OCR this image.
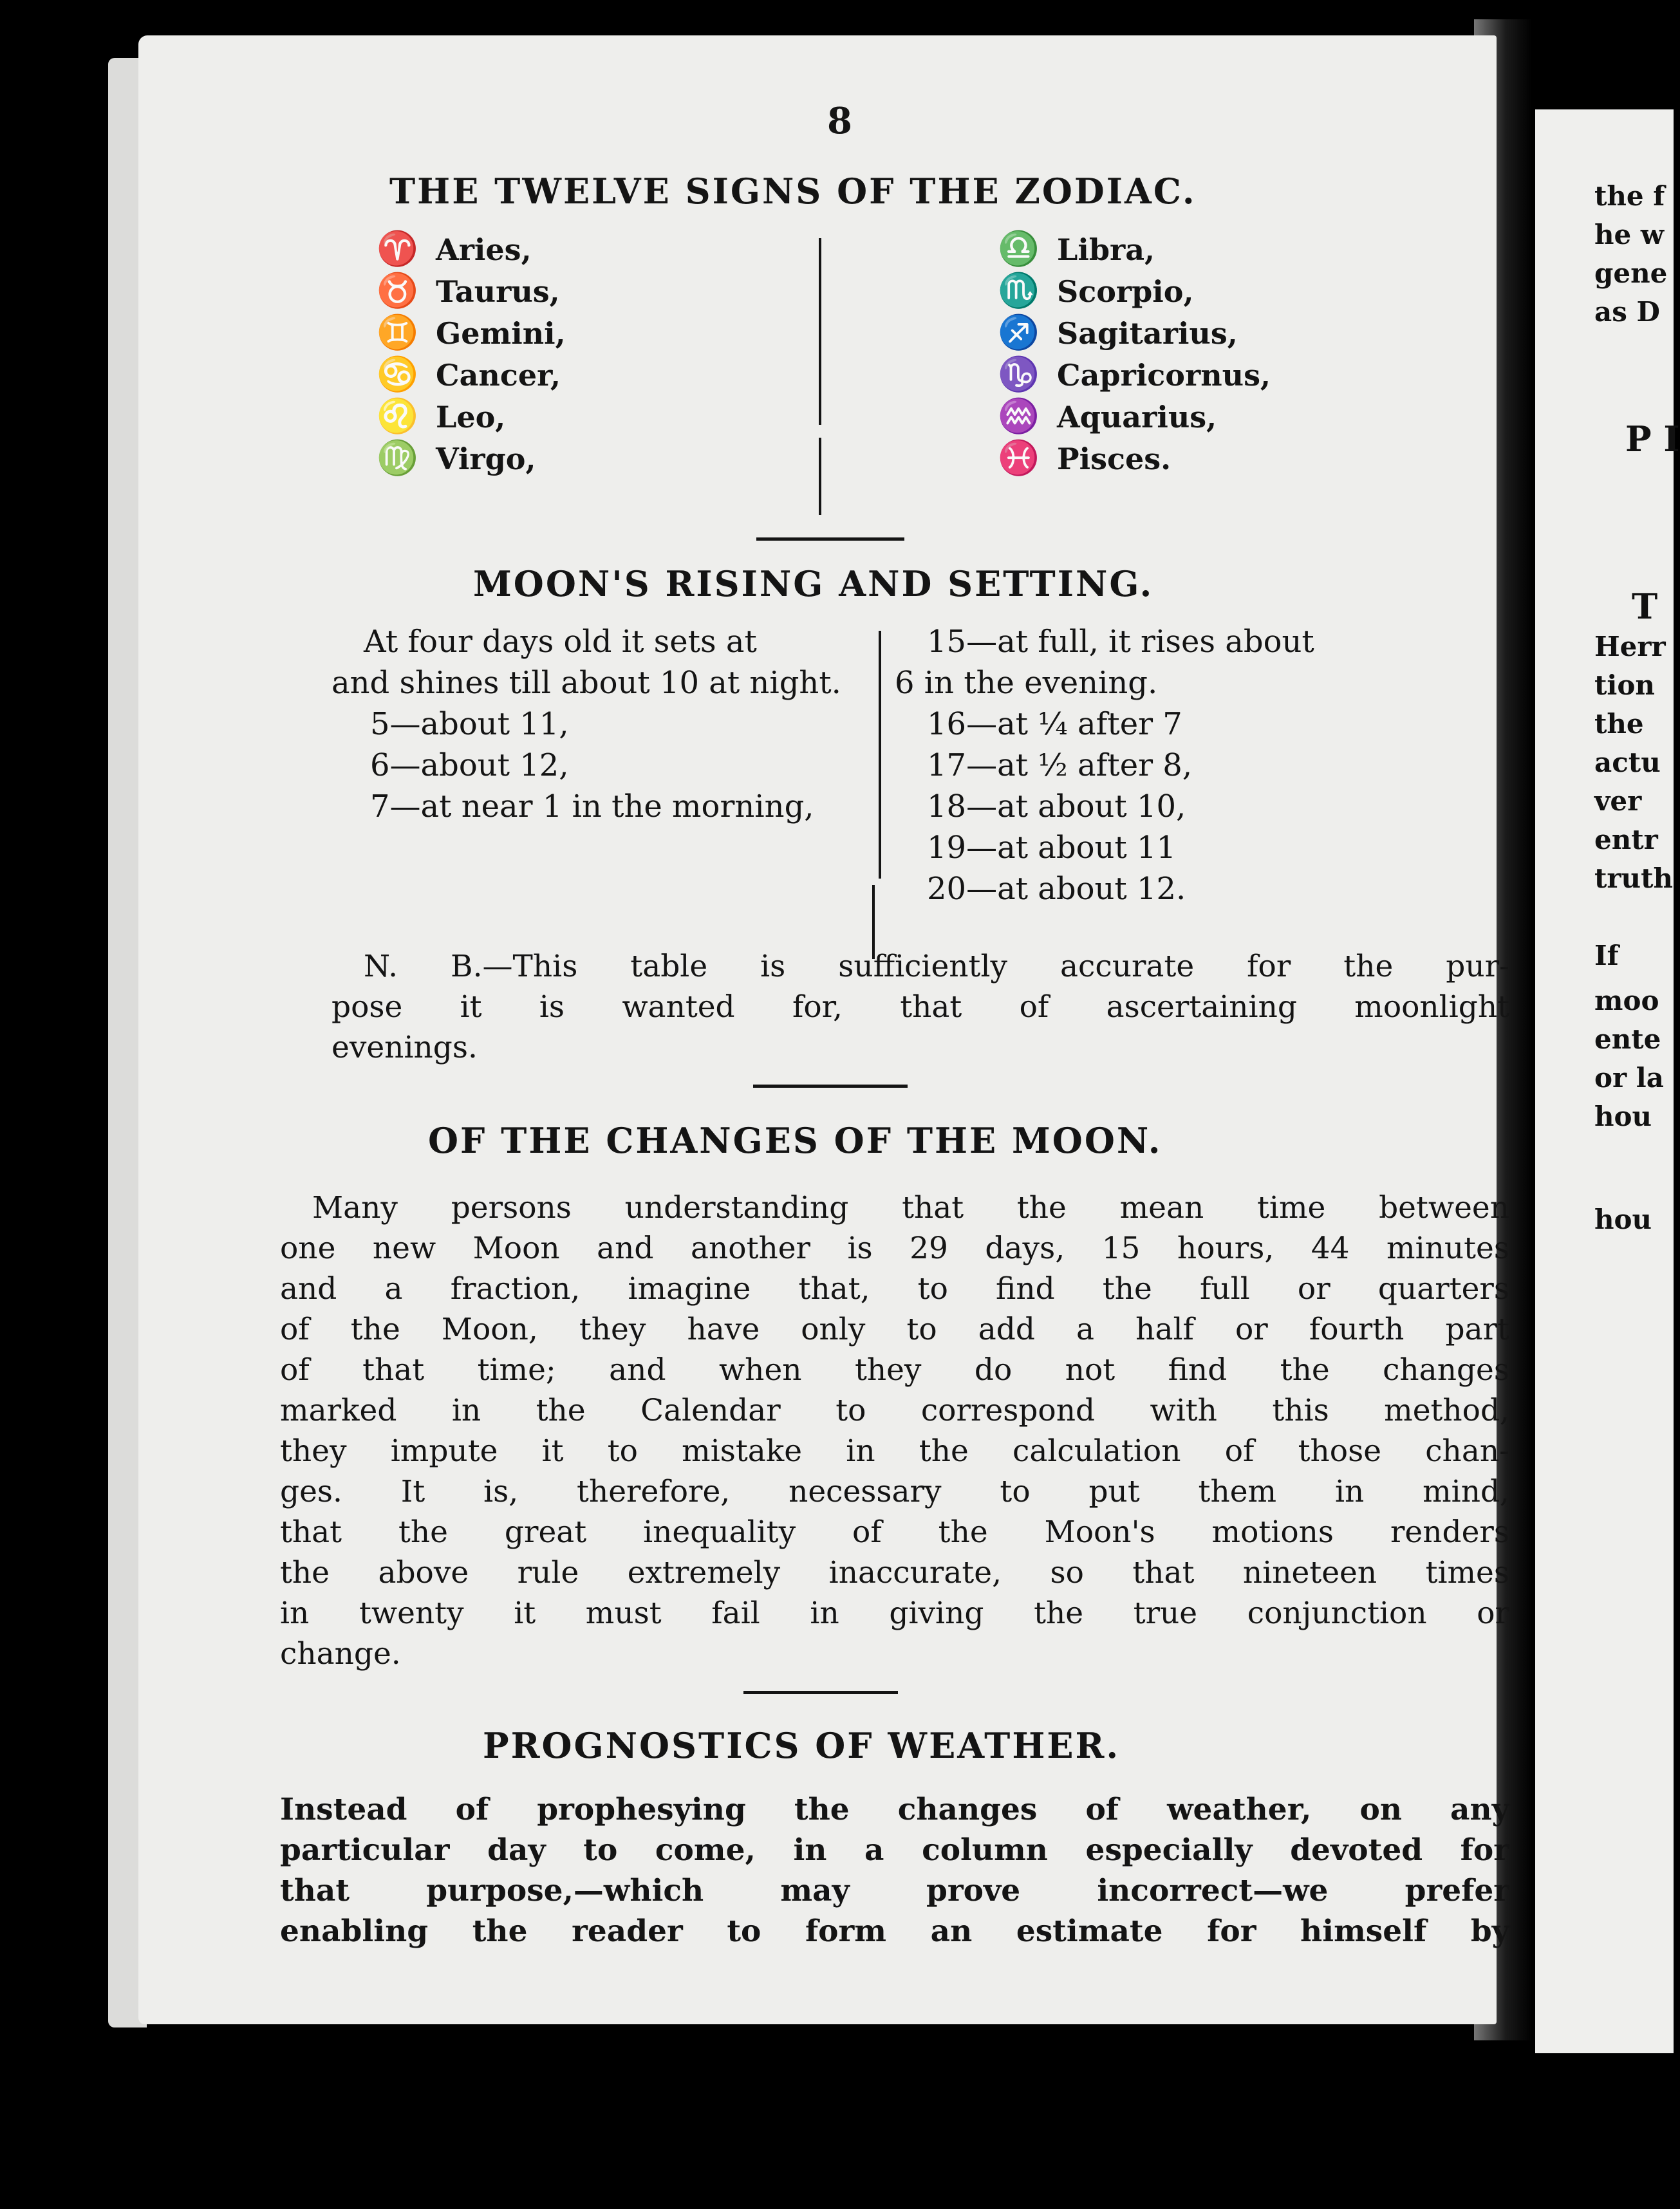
8
THE TWELVE SIGNS OF THE ZODIAC.
♈ Aries,
♉ Taurus,
♊ Gemini,
♋ Cancer,
♌ Leo,
♍ Virgo,
♎ Libra,
♏ Scorpio,
♐ Sagitarius,
♑ Capricornus,
♒ Aquarius,
♓ Pisces.
MOON'S RISING AND SETTING.
At four days old it sets at
and shines till about 10 at night.
5—about 11,
6—about 12,
7—at near 1 in the morning,
15—at full, it rises about
6 in the evening.
16—at ¼ after 7
17—at ½ after 8,
18—at about 10,
19—at about 11
20—at about 12.
N. B.—This table is sufficiently accurate for the pur-
pose it is wanted for, that of ascertaining moonlight
evenings.
OF THE CHANGES OF THE MOON.
Many persons understanding that the mean time between
one new Moon and another is 29 days, 15 hours, 44 minutes
and a fraction, imagine that, to find the full or quarters
of the Moon, they have only to add a half or fourth part
of that time; and when they do not find the changes
marked in the Calendar to correspond with this method,
they impute it to mistake in the calculation of those chan-
ges. It is, therefore, necessary to put them in mind,
that the great inequality of the Moon's motions renders
the above rule extremely inaccurate, so that nineteen times
in twenty it must fail in giving the true conjunction or
change.
PROGNOSTICS OF WEATHER.
Instead of prophesying the changes of weather, on any
particular day to come, in a column especially devoted for
that purpose,—which may prove incorrect—we prefer
enabling the reader to form an estimate for himself by
the f
he w
gene
as D
P I
T
Herr
tion
the
actu
ver
entr
truth
If
moo
ente
or la
hou
hou
